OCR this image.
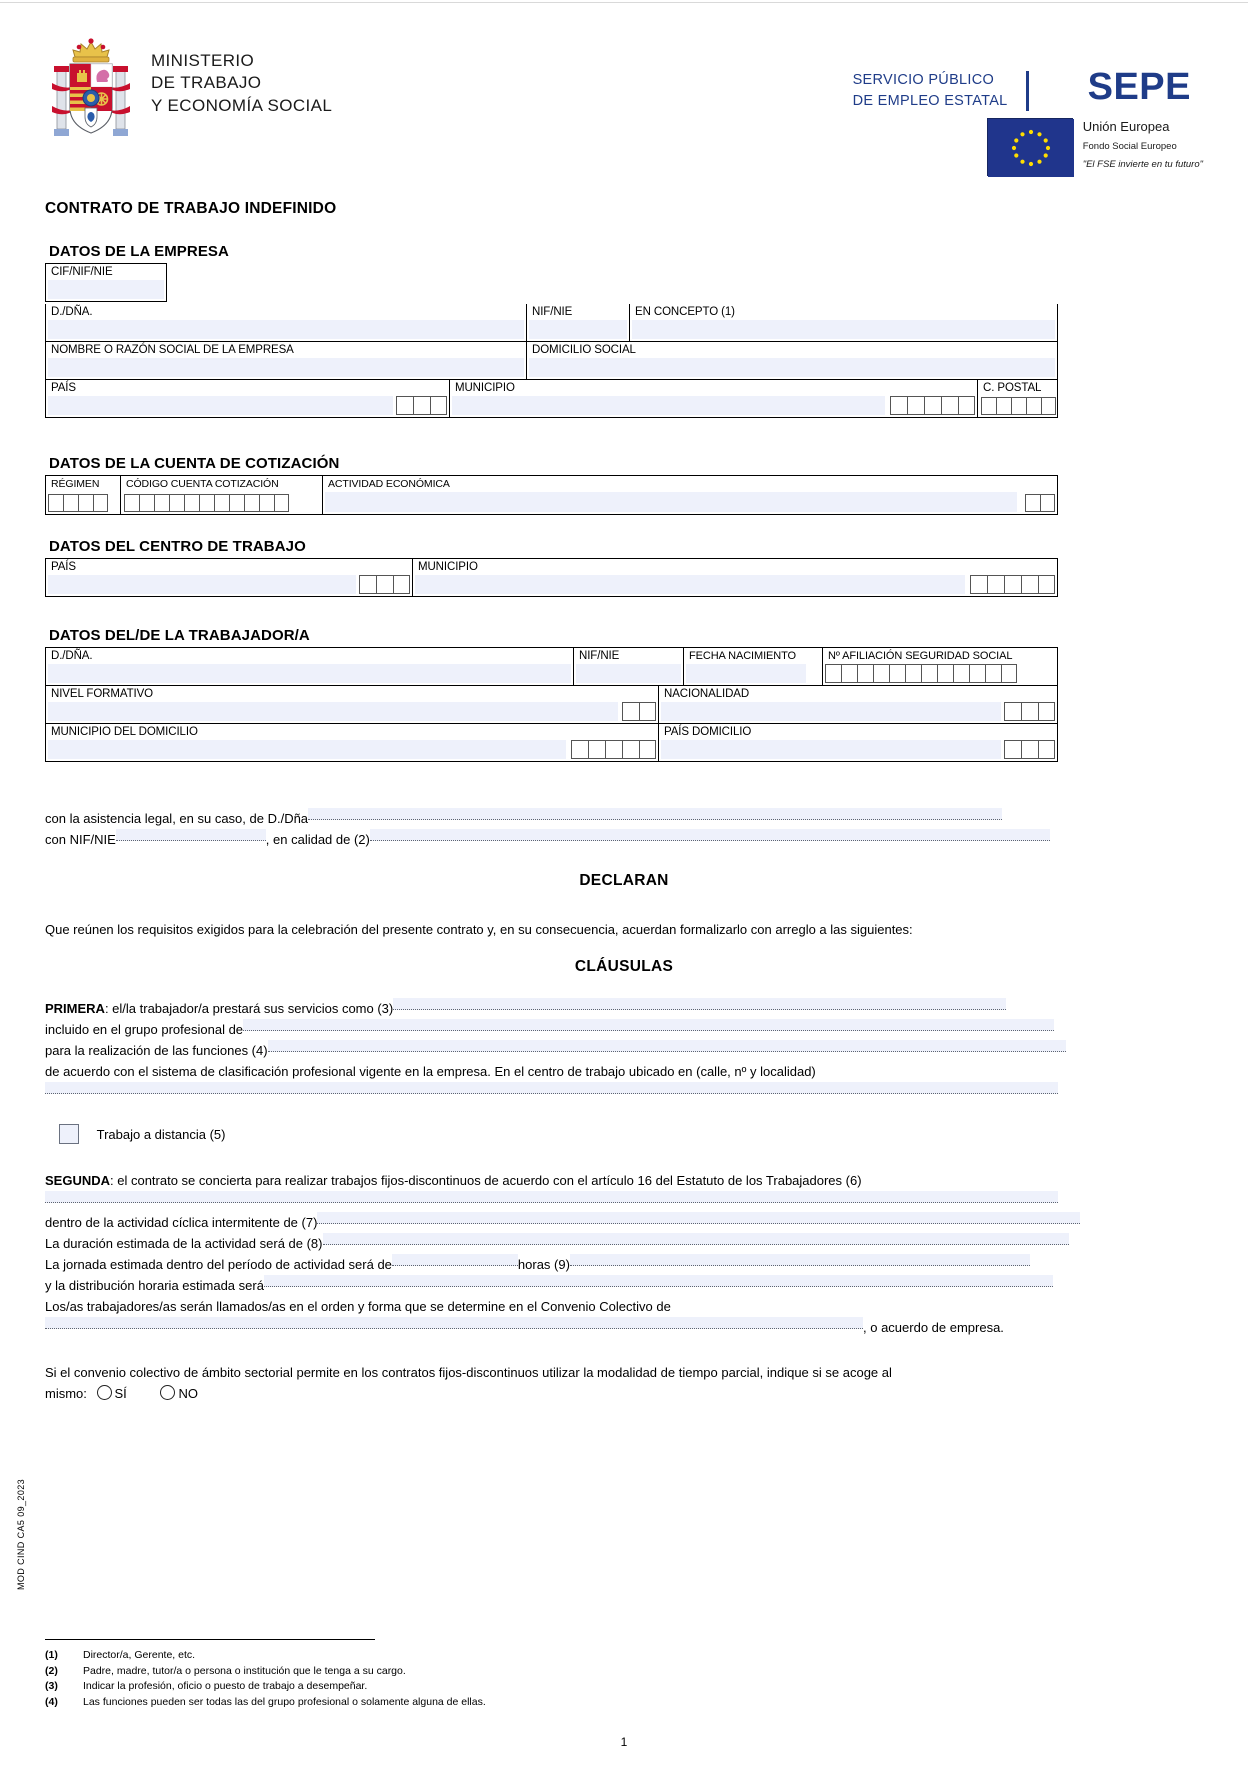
MINISTERIO
DE TRABAJO
Y ECONOMÍA SOCIAL
SERVICIO PÚBLICO
DE EMPLEO ESTATAL
SEPE
Unión Europea
Fondo Social Europeo
"El FSE invierte en tu futuro"
CONTRATO DE TRABAJO INDEFINIDO
DATOS DE LA EMPRESA
CIF/NIF/NIE
D./DÑA.	NIF/NIE	EN CONCEPTO (1)
NOMBRE O RAZÓN SOCIAL DE LA EMPRESA	DOMICILIO SOCIAL
PAÍS	MUNICIPIO	C. POSTAL
DATOS DE LA CUENTA DE COTIZACIÓN
RÉGIMEN	CÓDIGO CUENTA COTIZACIÓN	ACTIVIDAD ECONÓMICA
DATOS DEL CENTRO DE TRABAJO
PAÍS	MUNICIPIO
DATOS DEL/DE LA TRABAJADOR/A
D./DÑA.	NIF/NIE	FECHA NACIMIENTO	Nº AFILIACIÓN SEGURIDAD SOCIAL
NIVEL FORMATIVO	NACIONALIDAD
MUNICIPIO DEL DOMICILIO	PAÍS DOMICILIO
con la asistencia legal, en su caso, de D./Dña
con NIF/NIE	, en calidad de (2)
DECLARAN
Que reúnen los requisitos exigidos para la celebración del presente contrato y, en su consecuencia, acuerdan formalizarlo con arreglo a las siguientes:
CLÁUSULAS
PRIMERA: el/la trabajador/a prestará sus servicios como (3)
incluido en el grupo profesional de
para la realización de las funciones (4)
de acuerdo con el sistema de clasificación profesional vigente en la empresa. En el centro de trabajo ubicado en (calle, nº y localidad)
Trabajo a distancia (5)
SEGUNDA: el contrato se concierta para realizar trabajos fijos-discontinuos de acuerdo con el artículo 16 del Estatuto de los Trabajadores (6)
dentro de la actividad cíclica intermitente de (7)
La duración estimada de la actividad será de (8)
La jornada estimada dentro del período de actividad será de	horas (9)
y la distribución horaria estimada será
Los/as trabajadores/as serán llamados/as en el orden y forma que se determine en el Convenio Colectivo de
, o acuerdo de empresa.
Si el convenio colectivo de ámbito sectorial permite en los contratos fijos-discontinuos utilizar la modalidad de tiempo parcial, indique si se acoge al
mismo: SÍ	NO
(1)	Director/a, Gerente, etc.
(2)	Padre, madre, tutor/a o persona o institución que le tenga a su cargo.
(3)	Indicar la profesión, oficio o puesto de trabajo a desempeñar.
(4)	Las funciones pueden ser todas las del grupo profesional o solamente alguna de ellas.
MOD CIND CA5 09_2023
1
